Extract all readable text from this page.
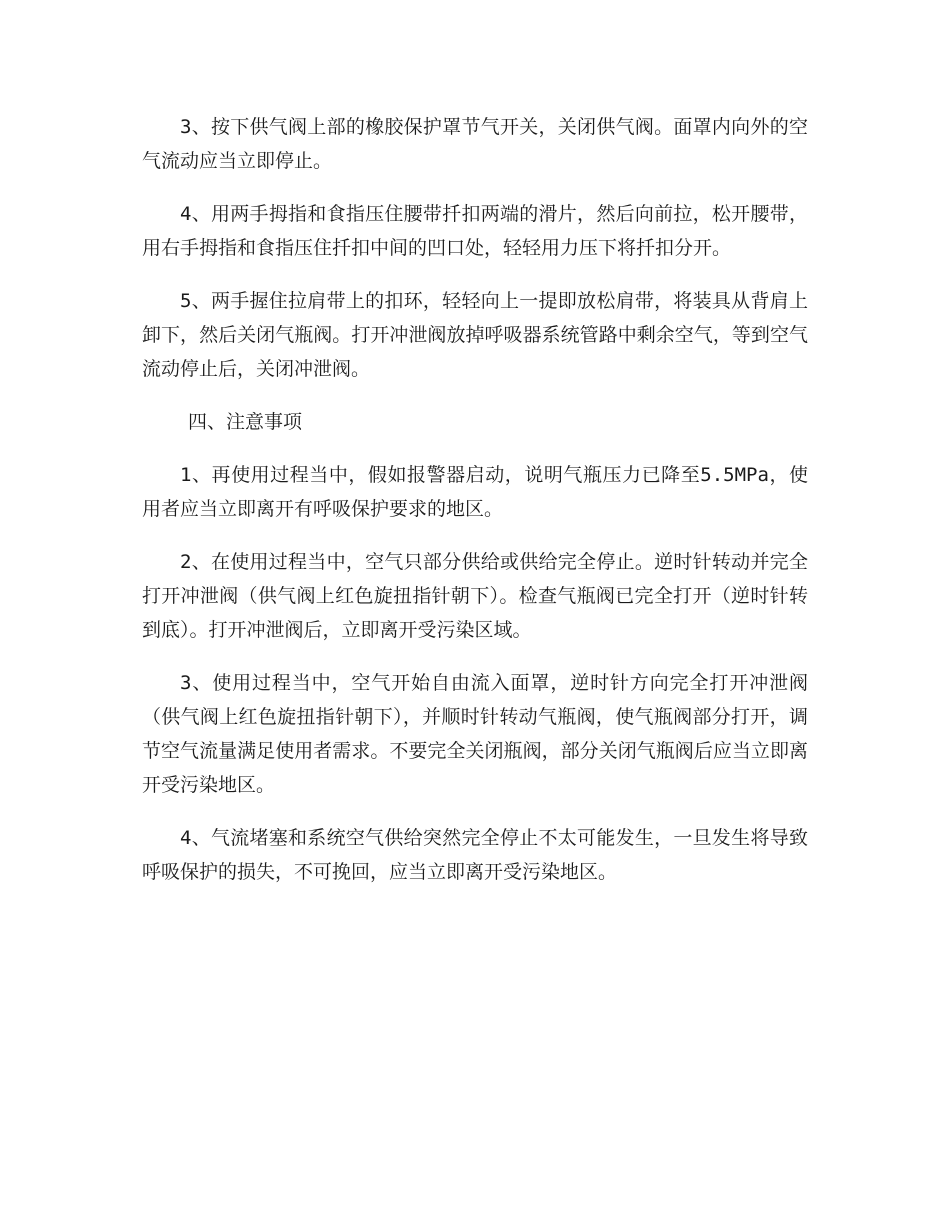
3、按下供气阀上部的橡胶保护罩节气开关，关闭供气阀。面罩内向外的空气流动应当立即停止。

4、用两手拇指和食指压住腰带扦扣两端的滑片，然后向前拉，松开腰带，用右手拇指和食指压住扦扣中间的凹口处，轻轻用力压下将扦扣分开。

5、两手握住拉肩带上的扣环，轻轻向上一提即放松肩带，将装具从背肩上卸下，然后关闭气瓶阀。打开冲泄阀放掉呼吸器系统管路中剩余空气，等到空气流动停止后，关闭冲泄阀。

四、注意事项

1、再使用过程当中，假如报警器启动，说明气瓶压力已降至5.5MPa，使用者应当立即离开有呼吸保护要求的地区。

2、在使用过程当中，空气只部分供给或供给完全停止。逆时针转动并完全打开冲泄阀（供气阀上红色旋扭指针朝下）。检查气瓶阀已完全打开（逆时针转到底）。打开冲泄阀后，立即离开受污染区域。

3、使用过程当中，空气开始自由流入面罩，逆时针方向完全打开冲泄阀（供气阀上红色旋扭指针朝下），并顺时针转动气瓶阀，使气瓶阀部分打开，调节空气流量满足使用者需求。不要完全关闭瓶阀，部分关闭气瓶阀后应当立即离开受污染地区。

4、气流堵塞和系统空气供给突然完全停止不太可能发生，一旦发生将导致呼吸保护的损失，不可挽回，应当立即离开受污染地区。
